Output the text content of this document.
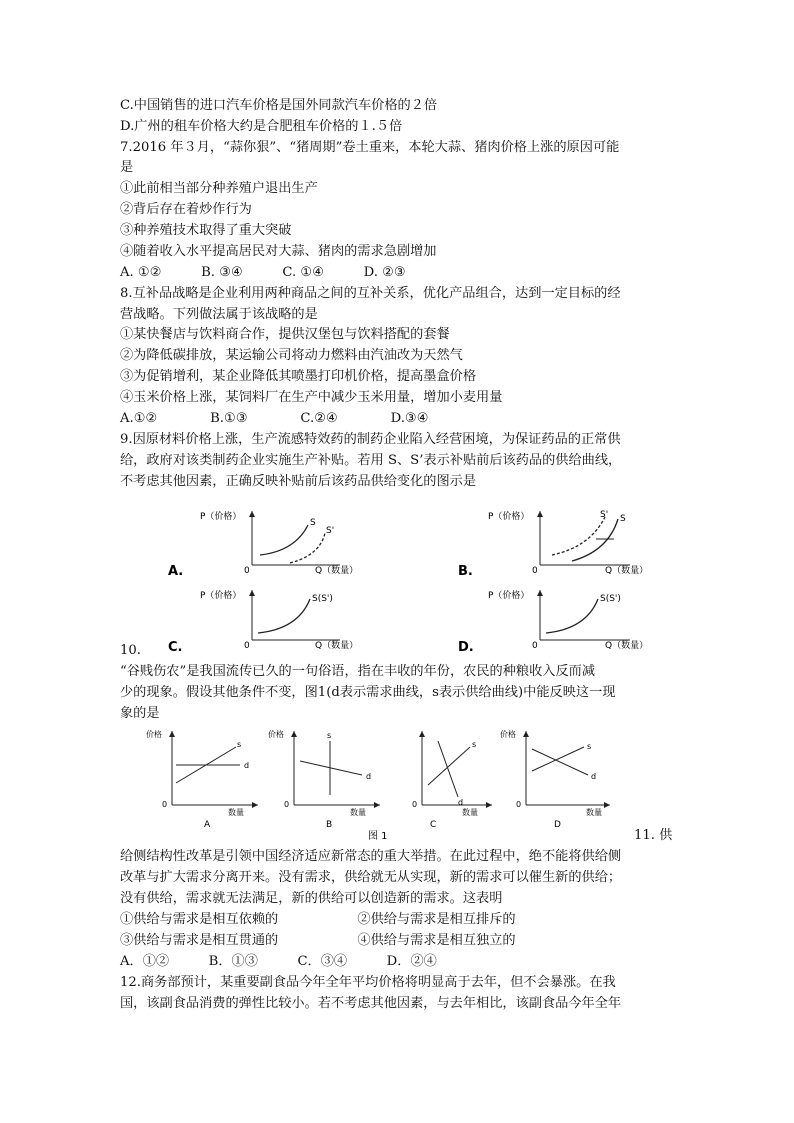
C.中国销售的进口汽车价格是国外同款汽车价格的２倍
D.广州的租车价格大约是合肥租车价格的１.５倍
7.2016 年３月，“蒜你狠”、“猪周期”卷土重来，本轮大蒜、猪肉价格上涨的原因可能
是
①此前相当部分种养殖户退出生产
②背后存在着炒作行为
③种养殖技术取得了重大突破
④随着收入水平提高居民对大蒜、猪肉的需求急剧增加
A. ①②　　　B. ③④　　　C. ①④　　　D. ②③
8.互补品战略是企业利用两种商品之间的互补关系，优化产品组合，达到一定目标的经
营战略。下列做法属于该战略的是
①某快餐店与饮料商合作，提供汉堡包与饮料搭配的套餐
②为降低碳排放，某运输公司将动力燃料由汽油改为天然气
③为促销增利，某企业降低其喷墨打印机价格，提高墨盒价格
④玉米价格上涨，某饲料厂在生产中减少玉米用量，增加小麦用量
A.①②　　　　B.①③　　　　C.②④　　　　D.③④
9.因原材料价格上涨，生产流感特效药的制药企业陷入经营困境，为保证药品的正常供
给，政府对该类制药企业实施生产补贴。若用 S、S’表示补贴前后该药品的供给曲线，
不考虑其他因素，正确反映补贴前后该药品供给变化的图示是
A.
P（价格）
0	Q（数量）
S
S'
B.
P（价格）
0	Q（数量）
S' S
C.
P（价格）
0	Q（数量）
S(S')
D.
P（价格）
0	Q（数量）
S(S')
10.
“谷贱伤农”是我国流传已久的一句俗语，指在丰收的年份，农民的种粮收入反而减
少的现象。假设其他条件不变，图1(d表示需求曲线，s表示供给曲线)中能反映这一现
象的是
价格
s
d
0
数量
A
价格	s
d
0
数量
B
s
d
0
数量
C
图 1
价格
s
d
0
数量
D
11. 供
给侧结构性改革是引领中国经济适应新常态的重大举措。在此过程中，绝不能将供给侧
改革与扩大需求分离开来。没有需求，供给就无从实现，新的需求可以催生新的供给；
没有供给，需求就无法满足，新的供给可以创造新的需求。这表明
①供给与需求是相互依赖的　　　　　　②供给与需求是相互排斥的
③供给与需求是相互贯通的　　　　　　④供给与需求是相互独立的
A．①②　　　B．①③　　　C．③④　　　D．②④
12.商务部预计，某重要副食品今年全年平均价格将明显高于去年，但不会暴涨。在我
国，该副食品消费的弹性比较小。若不考虑其他因素，与去年相比，该副食品今年全年
